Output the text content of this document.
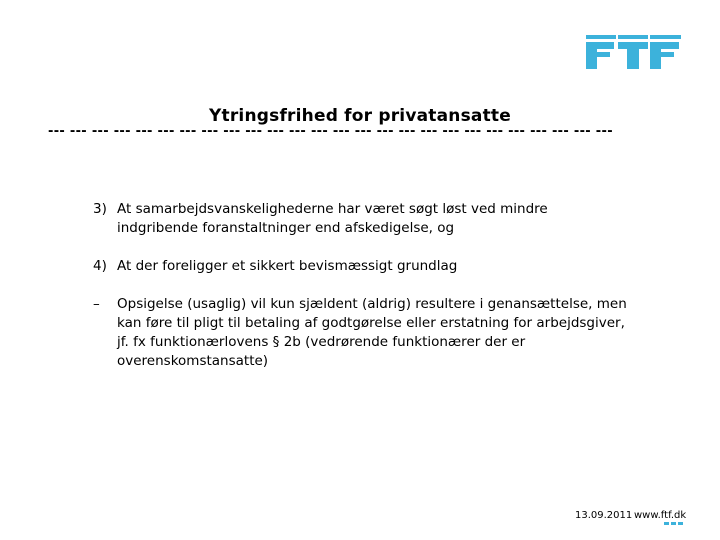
Ytringsfrihed for privatansatte
--- --- --- --- --- --- --- --- --- --- --- --- --- --- --- --- --- --- --- --- --- --- --- --- --- ---
3) At samarbejdsvanskelighederne har været søgt løst ved mindre indgribende foranstaltninger end afskedigelse, og
4) At der foreligger et sikkert bevismæssigt grundlag
–	Opsigelse (usaglig) vil kun sjældent (aldrig) resultere i genansættelse, men kan føre til pligt til betaling af godtgørelse eller erstatning for arbejdsgiver, jf. fx funktionærlovens § 2b (vedrørende funktionærer der er overenskomstansatte)
13.09.2011 www.ftf.dk
